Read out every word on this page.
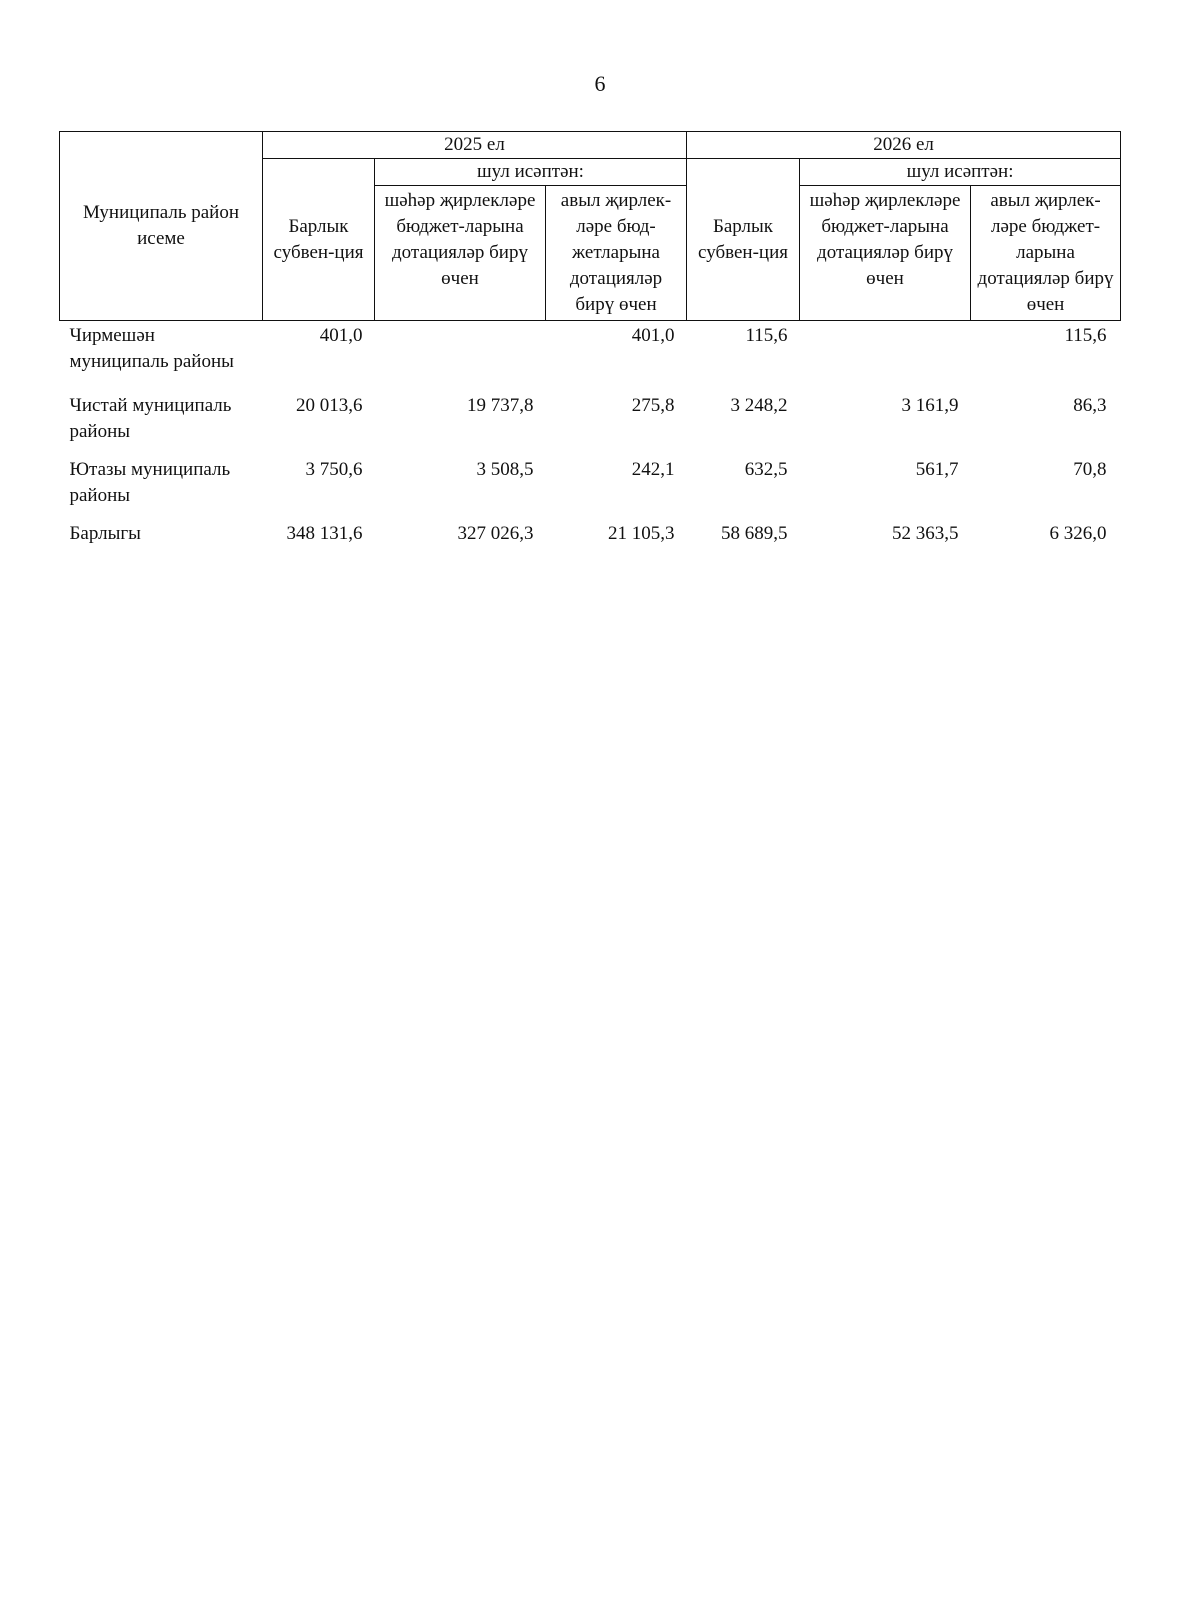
6
Муниципаль район исеме	2025 ел			2026 ел		
	Барлык субвен-ция	шул исәптән:		Барлык субвен-ция	шул исәптән:	
		шәһәр җирлекләре бюджет-ларына дотацияләр бирү өчен	авыл җирлек-ләре бюд-жетларына дотацияләр бирү өчен		шәһәр җирлекләре бюджет-ларына дотацияләр бирү өчен	авыл җирлек-ләре бюджет-ларына дотацияләр бирү өчен
Чирмешән муниципаль районы	401,0		401,0	115,6		115,6
Чистай муниципаль районы	20 013,6	19 737,8	275,8	3 248,2	3 161,9	86,3
Ютазы муниципаль районы	3 750,6	3 508,5	242,1	632,5	561,7	70,8
Барлыгы	348 131,6	327 026,3	21 105,3	58 689,5	52 363,5	6 326,0
